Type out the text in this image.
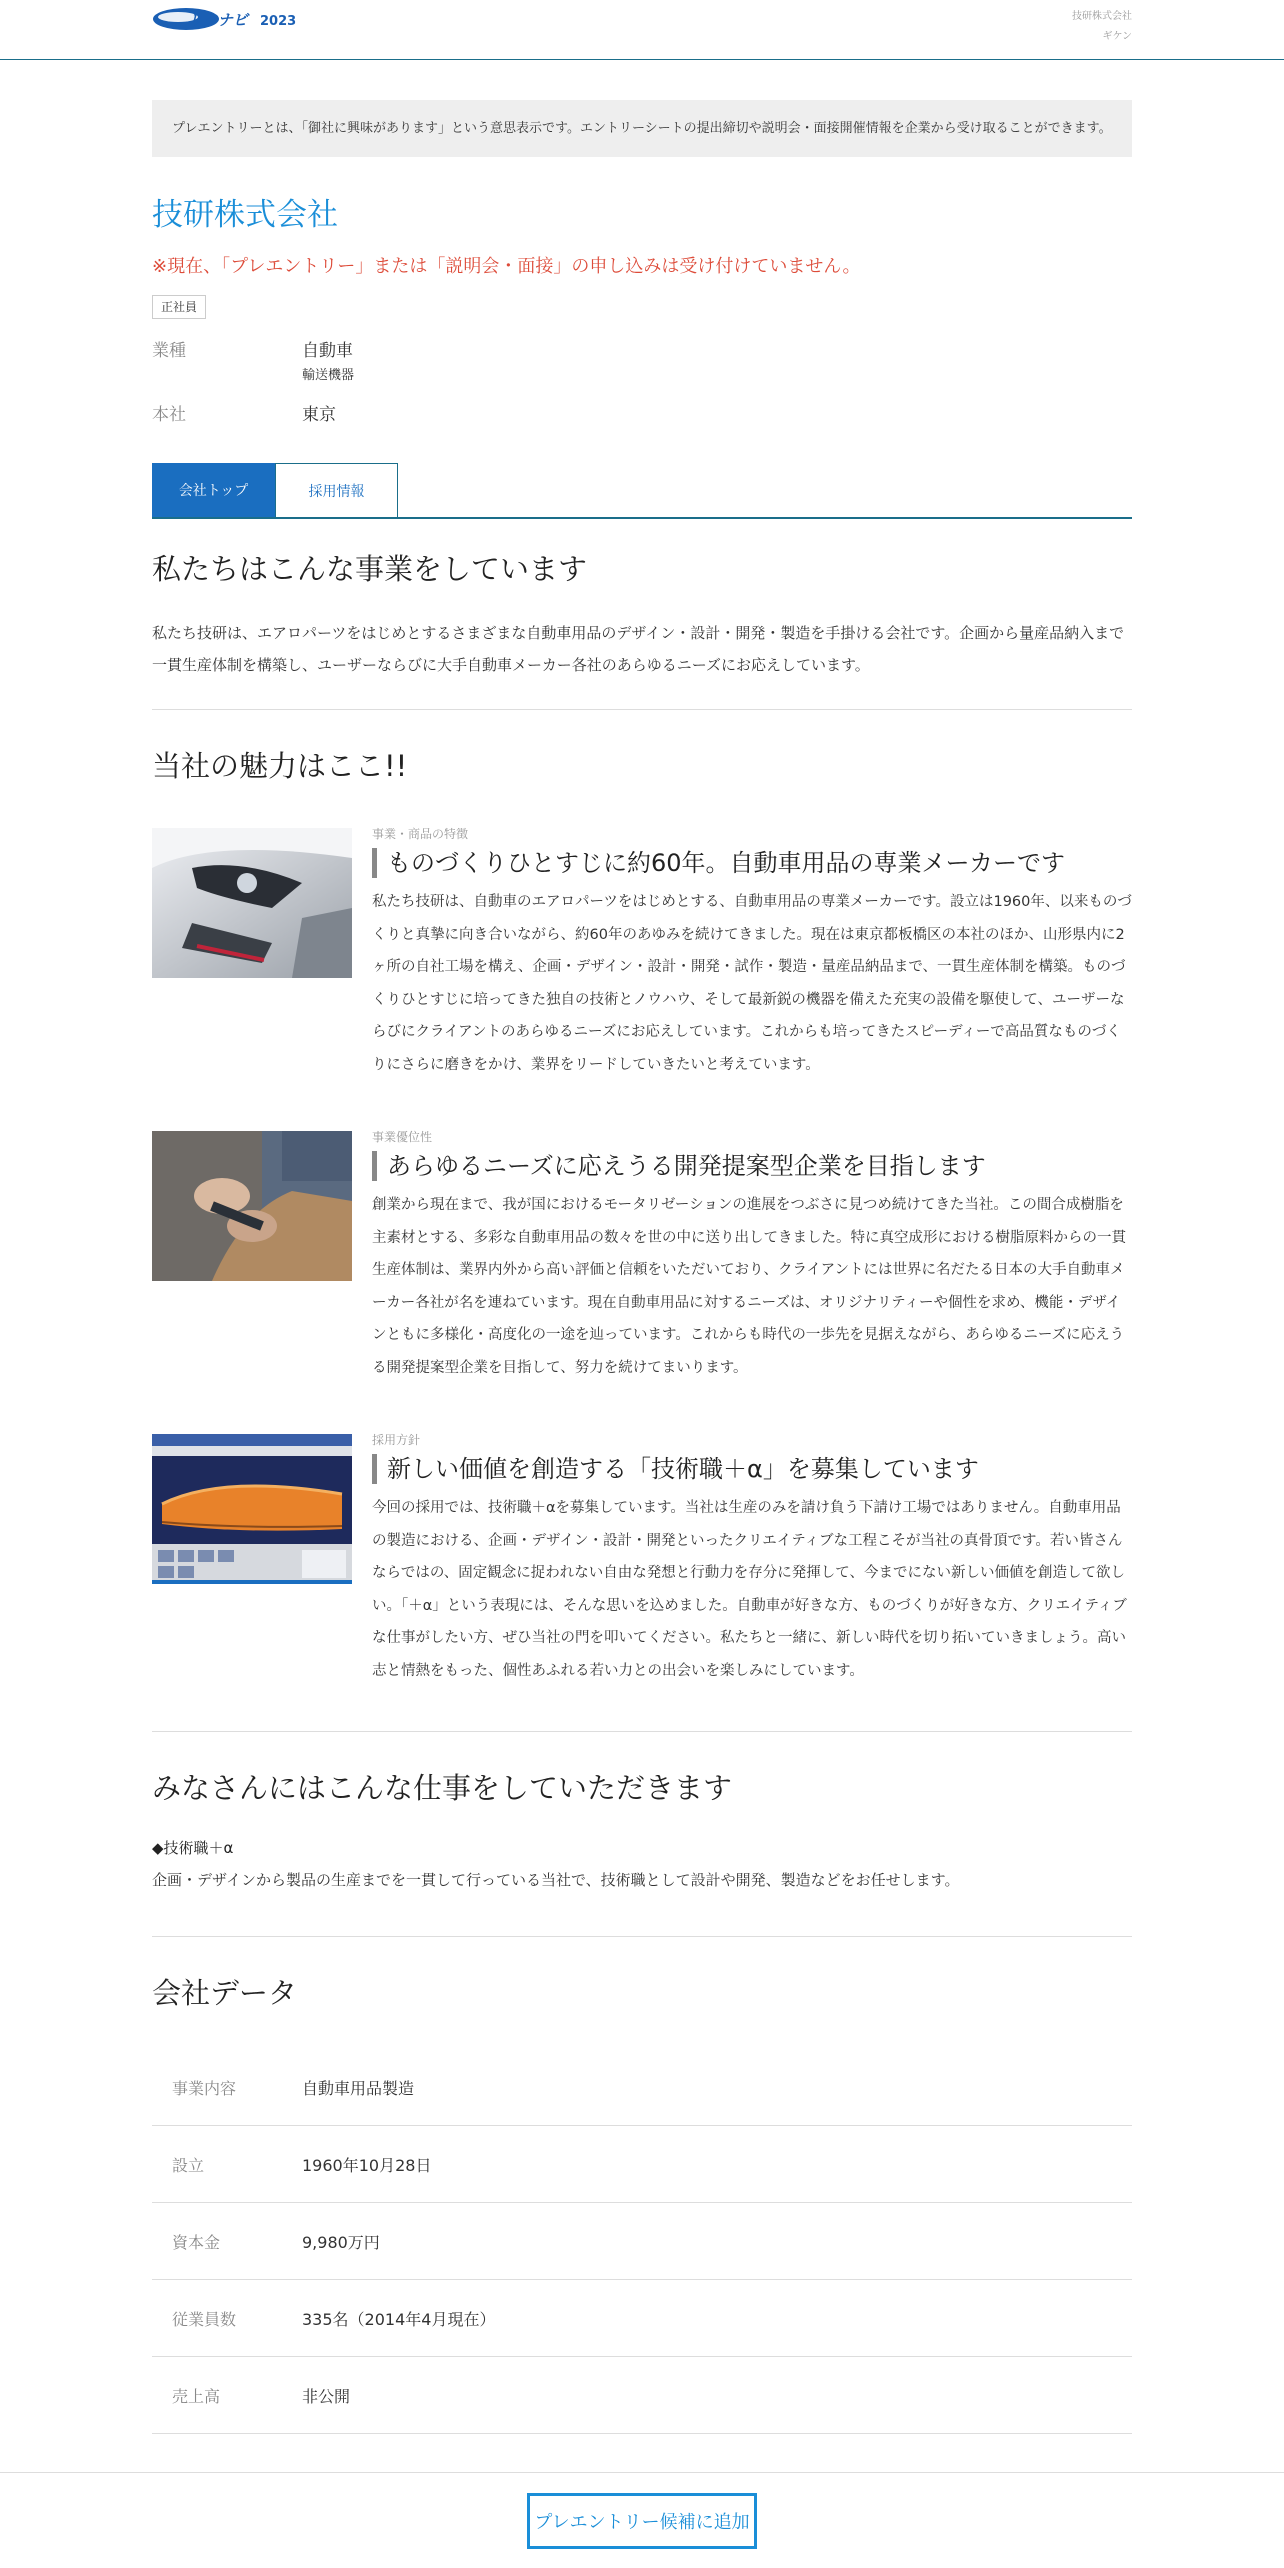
リクナビ 2023	技研株式会社
ギケン
プレエントリーとは、「御社に興味があります」という意思表示です。エントリーシートの提出締切や説明会・面接開催情報を企業から受け取ることができます。
技研株式会社
※現在、「プレエントリー」または「説明会・面接」の申し込みは受け付けていません。
正社員
業種	自動車
輸送機器
本社	東京
会社トップ	採用情報
私たちはこんな事業をしています

私たち技研は、エアロパーツをはじめとするさまざまな自動車用品のデザイン・設計・開発・製造を手掛ける会社です。企画から量産品納入まで一貫生産体制を構築し、ユーザーならびに大手自動車メーカー各社のあらゆるニーズにお応えしています。

当社の魅力はここ!!
事業・商品の特徴
ものづくりひとすじに約60年。自動車用品の専業メーカーです

私たち技研は、自動車のエアロパーツをはじめとする、自動車用品の専業メーカーです。設立は1960年、以来ものづくりと真摯に向き合いながら、約60年のあゆみを続けてきました。現在は東京都板橋区の本社のほか、山形県内に2ヶ所の自社工場を構え、企画・デザイン・設計・開発・試作・製造・量産品納品まで、一貫生産体制を構築。ものづくりひとすじに培ってきた独自の技術とノウハウ、そして最新鋭の機器を備えた充実の設備を駆使して、ユーザーならびにクライアントのあらゆるニーズにお応えしています。これからも培ってきたスピーディーで高品質なものづくりにさらに磨きをかけ、業界をリードしていきたいと考えています。

事業優位性
あらゆるニーズに応えうる開発提案型企業を目指します

創業から現在まで、我が国におけるモータリゼーションの進展をつぶさに見つめ続けてきた当社。この間合成樹脂を主素材とする、多彩な自動車用品の数々を世の中に送り出してきました。特に真空成形における樹脂原料からの一貫生産体制は、業界内外から高い評価と信頼をいただいており、クライアントには世界に名だたる日本の大手自動車メーカー各社が名を連ねています。現在自動車用品に対するニーズは、オリジナリティーや個性を求め、機能・デザインともに多様化・高度化の一途を辿っています。これからも時代の一歩先を見据えながら、あらゆるニーズに応えうる開発提案型企業を目指して、努力を続けてまいります。

採用方針
新しい価値を創造する「技術職＋α」を募集しています

今回の採用では、技術職＋αを募集しています。当社は生産のみを請け負う下請け工場ではありません。自動車用品の製造における、企画・デザイン・設計・開発といったクリエイティブな工程こそが当社の真骨頂です。若い皆さんならではの、固定観念に捉われない自由な発想と行動力を存分に発揮して、今までにない新しい価値を創造して欲しい。「＋α」という表現には、そんな思いを込めました。自動車が好きな方、ものづくりが好きな方、クリエイティブな仕事がしたい方、ぜひ当社の門を叩いてください。私たちと一緒に、新しい時代を切り拓いていきましょう。高い志と情熱をもった、個性あふれる若い力との出会いを楽しみにしています。

みなさんにはこんな仕事をしていただきます
◆技術職＋α
企画・デザインから製品の生産までを一貫して行っている当社で、技術職として設計や開発、製造などをお任せします。
会社データ
事業内容	自動車用品製造
設立	1960年10月28日
資本金	9,980万円
従業員数	335名（2014年4月現在）
売上高	非公開
プレエントリー候補に追加
